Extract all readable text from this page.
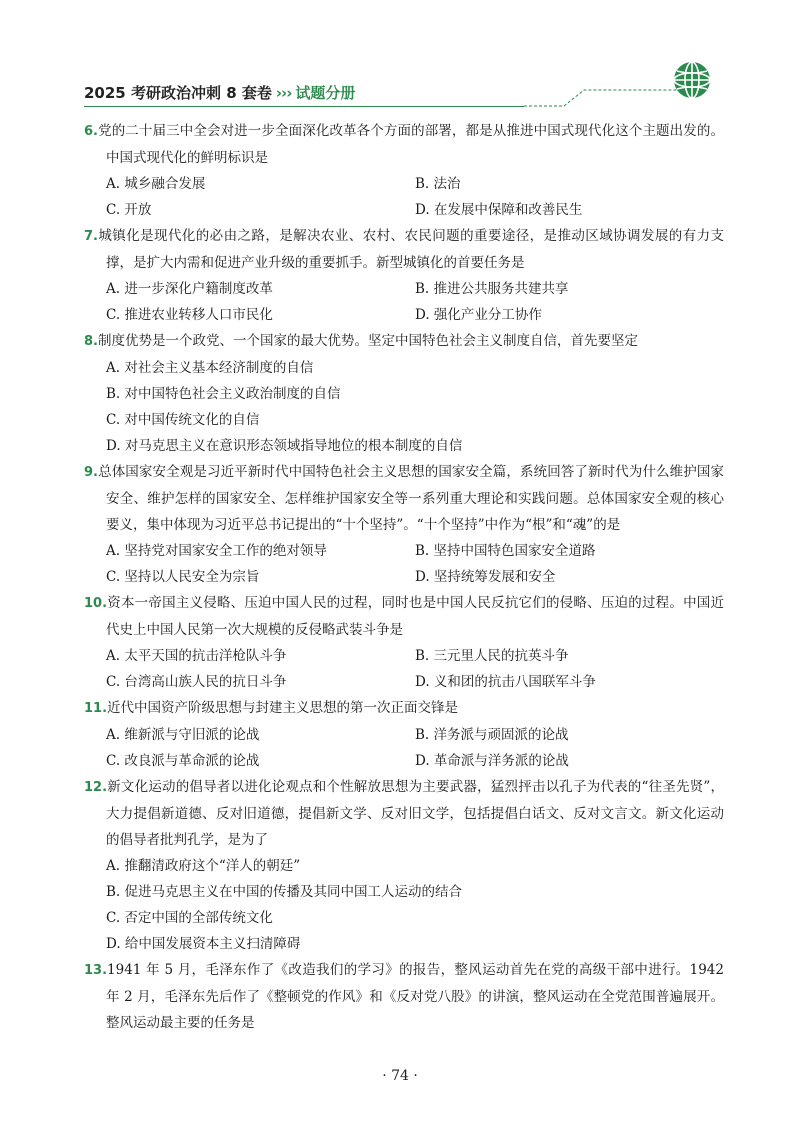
2025 考研政治冲刺 8 套卷 ››› 试题分册
6.党的二十届三中全会对进一步全面深化改革各个方面的部署，都是从推进中国式现代化这个主题出发的。中国式现代化的鲜明标识是
A. 城乡融合发展	B. 法治
C. 开放	D. 在发展中保障和改善民生
7.城镇化是现代化的必由之路，是解决农业、农村、农民问题的重要途径，是推动区域协调发展的有力支撑，是扩大内需和促进产业升级的重要抓手。新型城镇化的首要任务是
A. 进一步深化户籍制度改革	B. 推进公共服务共建共享
C. 推进农业转移人口市民化	D. 强化产业分工协作
8.制度优势是一个政党、一个国家的最大优势。坚定中国特色社会主义制度自信，首先要坚定
A. 对社会主义基本经济制度的自信
B. 对中国特色社会主义政治制度的自信
C. 对中国传统文化的自信
D. 对马克思主义在意识形态领域指导地位的根本制度的自信
9.总体国家安全观是习近平新时代中国特色社会主义思想的国家安全篇，系统回答了新时代为什么维护国家安全、维护怎样的国家安全、怎样维护国家安全等一系列重大理论和实践问题。总体国家安全观的核心要义，集中体现为习近平总书记提出的“十个坚持”。“十个坚持”中作为“根”和“魂”的是
A. 坚持党对国家安全工作的绝对领导	B. 坚持中国特色国家安全道路
C. 坚持以人民安全为宗旨	D. 坚持统筹发展和安全
10.资本一帝国主义侵略、压迫中国人民的过程，同时也是中国人民反抗它们的侵略、压迫的过程。中国近代史上中国人民第一次大规模的反侵略武装斗争是
A. 太平天国的抗击洋枪队斗争	B. 三元里人民的抗英斗争
C. 台湾高山族人民的抗日斗争	D. 义和团的抗击八国联军斗争
11.近代中国资产阶级思想与封建主义思想的第一次正面交锋是
A. 维新派与守旧派的论战	B. 洋务派与顽固派的论战
C. 改良派与革命派的论战	D. 革命派与洋务派的论战
12.新文化运动的倡导者以进化论观点和个性解放思想为主要武器，猛烈抨击以孔子为代表的“往圣先贤”，大力提倡新道德、反对旧道德，提倡新文学、反对旧文学，包括提倡白话文、反对文言文。新文化运动的倡导者批判孔学，是为了
A. 推翻清政府这个“洋人的朝廷”
B. 促进马克思主义在中国的传播及其同中国工人运动的结合
C. 否定中国的全部传统文化
D. 给中国发展资本主义扫清障碍
13.1941 年 5 月，毛泽东作了《改造我们的学习》的报告，整风运动首先在党的高级干部中进行。1942 年 2 月，毛泽东先后作了《整顿党的作风》和《反对党八股》的讲演，整风运动在全党范围普遍展开。整风运动最主要的任务是
· 74 ·
